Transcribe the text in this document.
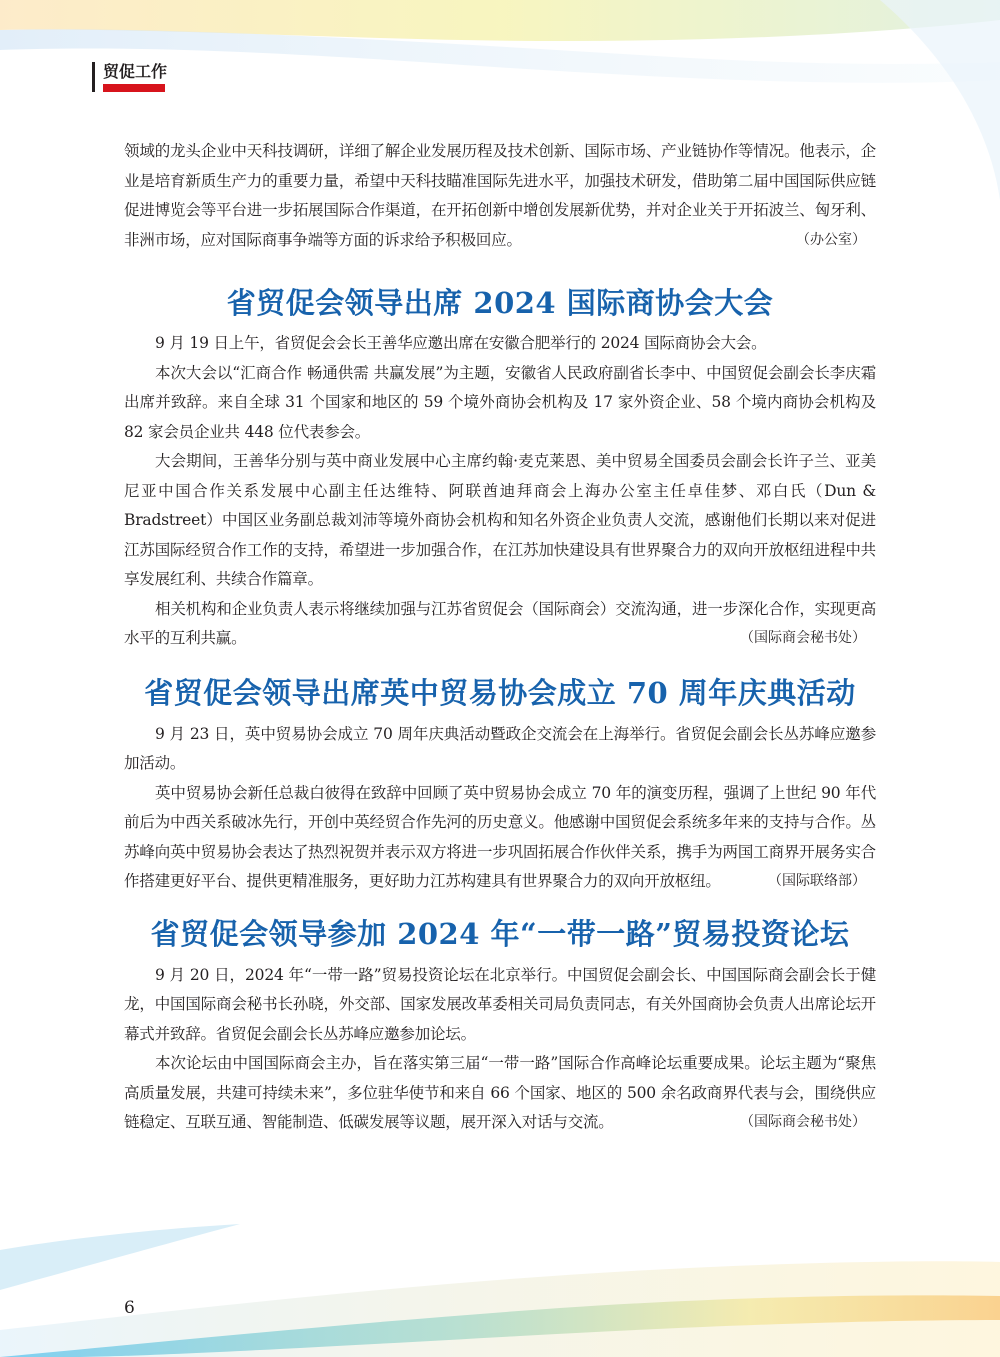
贸促工作

领域的龙头企业中天科技调研，详细了解企业发展历程及技术创新、国际市场、产业链协作等情况。他表示，企业是培育新质生产力的重要力量，希望中天科技瞄准国际先进水平，加强技术研发，借助第二届中国国际供应链促进博览会等平台进一步拓展国际合作渠道，在开拓创新中增创发展新优势，并对企业关于开拓波兰、匈牙利、非洲市场，应对国际商事争端等方面的诉求给予积极回应。	（办公室）
省贸促会领导出席 2024 国际商协会大会

9 月 19 日上午，省贸促会会长王善华应邀出席在安徽合肥举行的 2024 国际商协会大会。

本次大会以“汇商合作 畅通供需 共赢发展”为主题，安徽省人民政府副省长李中、中国贸促会副会长李庆霜出席并致辞。来自全球 31 个国家和地区的 59 个境外商协会机构及 17 家外资企业、58 个境内商协会机构及 82 家会员企业共 448 位代表参会。

大会期间，王善华分别与英中商业发展中心主席约翰·麦克莱恩、美中贸易全国委员会副会长许子兰、亚美尼亚中国合作关系发展中心副主任达维特、阿联酋迪拜商会上海办公室主任卓佳梦、邓白氏（Dun & Bradstreet）中国区业务副总裁刘沛等境外商协会机构和知名外资企业负责人交流，感谢他们长期以来对促进江苏国际经贸合作工作的支持，希望进一步加强合作，在江苏加快建设具有世界聚合力的双向开放枢纽进程中共享发展红利、共续合作篇章。

相关机构和企业负责人表示将继续加强与江苏省贸促会（国际商会）交流沟通，进一步深化合作，实现更高水平的互利共赢。	（国际商会秘书处）
省贸促会领导出席英中贸易协会成立 70 周年庆典活动

9 月 23 日，英中贸易协会成立 70 周年庆典活动暨政企交流会在上海举行。省贸促会副会长丛苏峰应邀参加活动。

英中贸易协会新任总裁白彼得在致辞中回顾了英中贸易协会成立 70 年的演变历程，强调了上世纪 90 年代前后为中西关系破冰先行，开创中英经贸合作先河的历史意义。他感谢中国贸促会系统多年来的支持与合作。丛苏峰向英中贸易协会表达了热烈祝贺并表示双方将进一步巩固拓展合作伙伴关系，携手为两国工商界开展务实合作搭建更好平台、提供更精准服务，更好助力江苏构建具有世界聚合力的双向开放枢纽。	（国际联络部）
省贸促会领导参加 2024 年“一带一路”贸易投资论坛

9 月 20 日，2024 年“一带一路”贸易投资论坛在北京举行。中国贸促会副会长、中国国际商会副会长于健龙，中国国际商会秘书长孙晓，外交部、国家发展改革委相关司局负责同志，有关外国商协会负责人出席论坛开幕式并致辞。省贸促会副会长丛苏峰应邀参加论坛。

本次论坛由中国国际商会主办，旨在落实第三届“一带一路”国际合作高峰论坛重要成果。论坛主题为“聚焦高质量发展，共建可持续未来”，多位驻华使节和来自 66 个国家、地区的 500 余名政商界代表与会，围绕供应链稳定、互联互通、智能制造、低碳发展等议题，展开深入对话与交流。	（国际商会秘书处）
6
